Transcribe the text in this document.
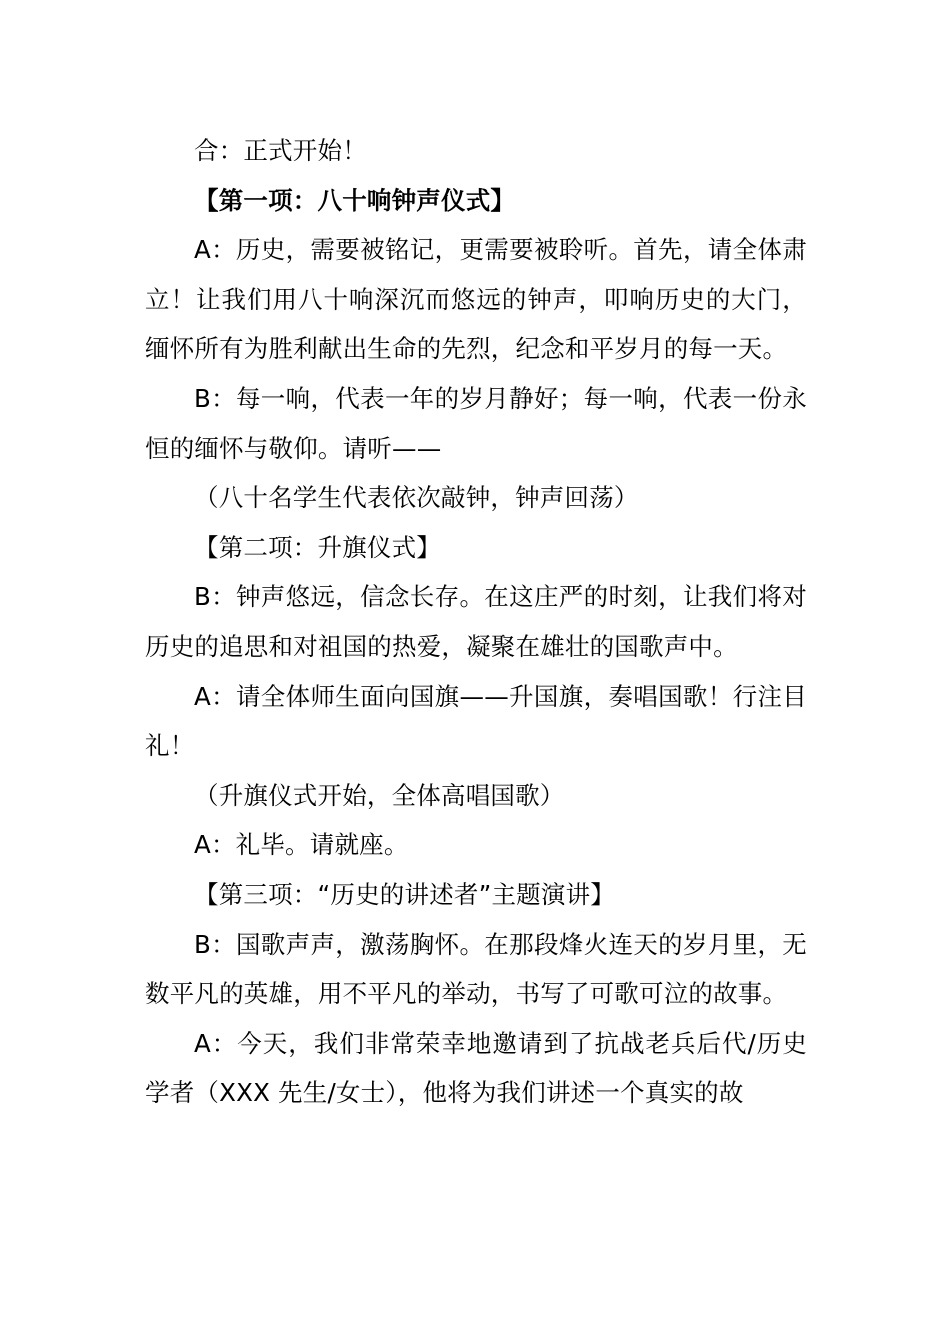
合：正式开始！

【第一项：八十响钟声仪式】

A：历史，需要被铭记，更需要被聆听。首先，请全体肃立！让我们用八十响深沉而悠远的钟声，叩响历史的大门，缅怀所有为胜利献出生命的先烈，纪念和平岁月的每一天。

B：每一响，代表一年的岁月静好；每一响，代表一份永恒的缅怀与敬仰。请听——

（八十名学生代表依次敲钟，钟声回荡）

【第二项：升旗仪式】

B：钟声悠远，信念长存。在这庄严的时刻，让我们将对历史的追思和对祖国的热爱，凝聚在雄壮的国歌声中。

A：请全体师生面向国旗——升国旗，奏唱国歌！行注目礼！

（升旗仪式开始，全体高唱国歌）

A：礼毕。请就座。

【第三项：“历史的讲述者”主题演讲】

B：国歌声声，激荡胸怀。在那段烽火连天的岁月里，无数平凡的英雄，用不平凡的举动，书写了可歌可泣的故事。

A：今天，我们非常荣幸地邀请到了抗战老兵后代/历史学者（XXX 先生/女士），他将为我们讲述一个真实的故
